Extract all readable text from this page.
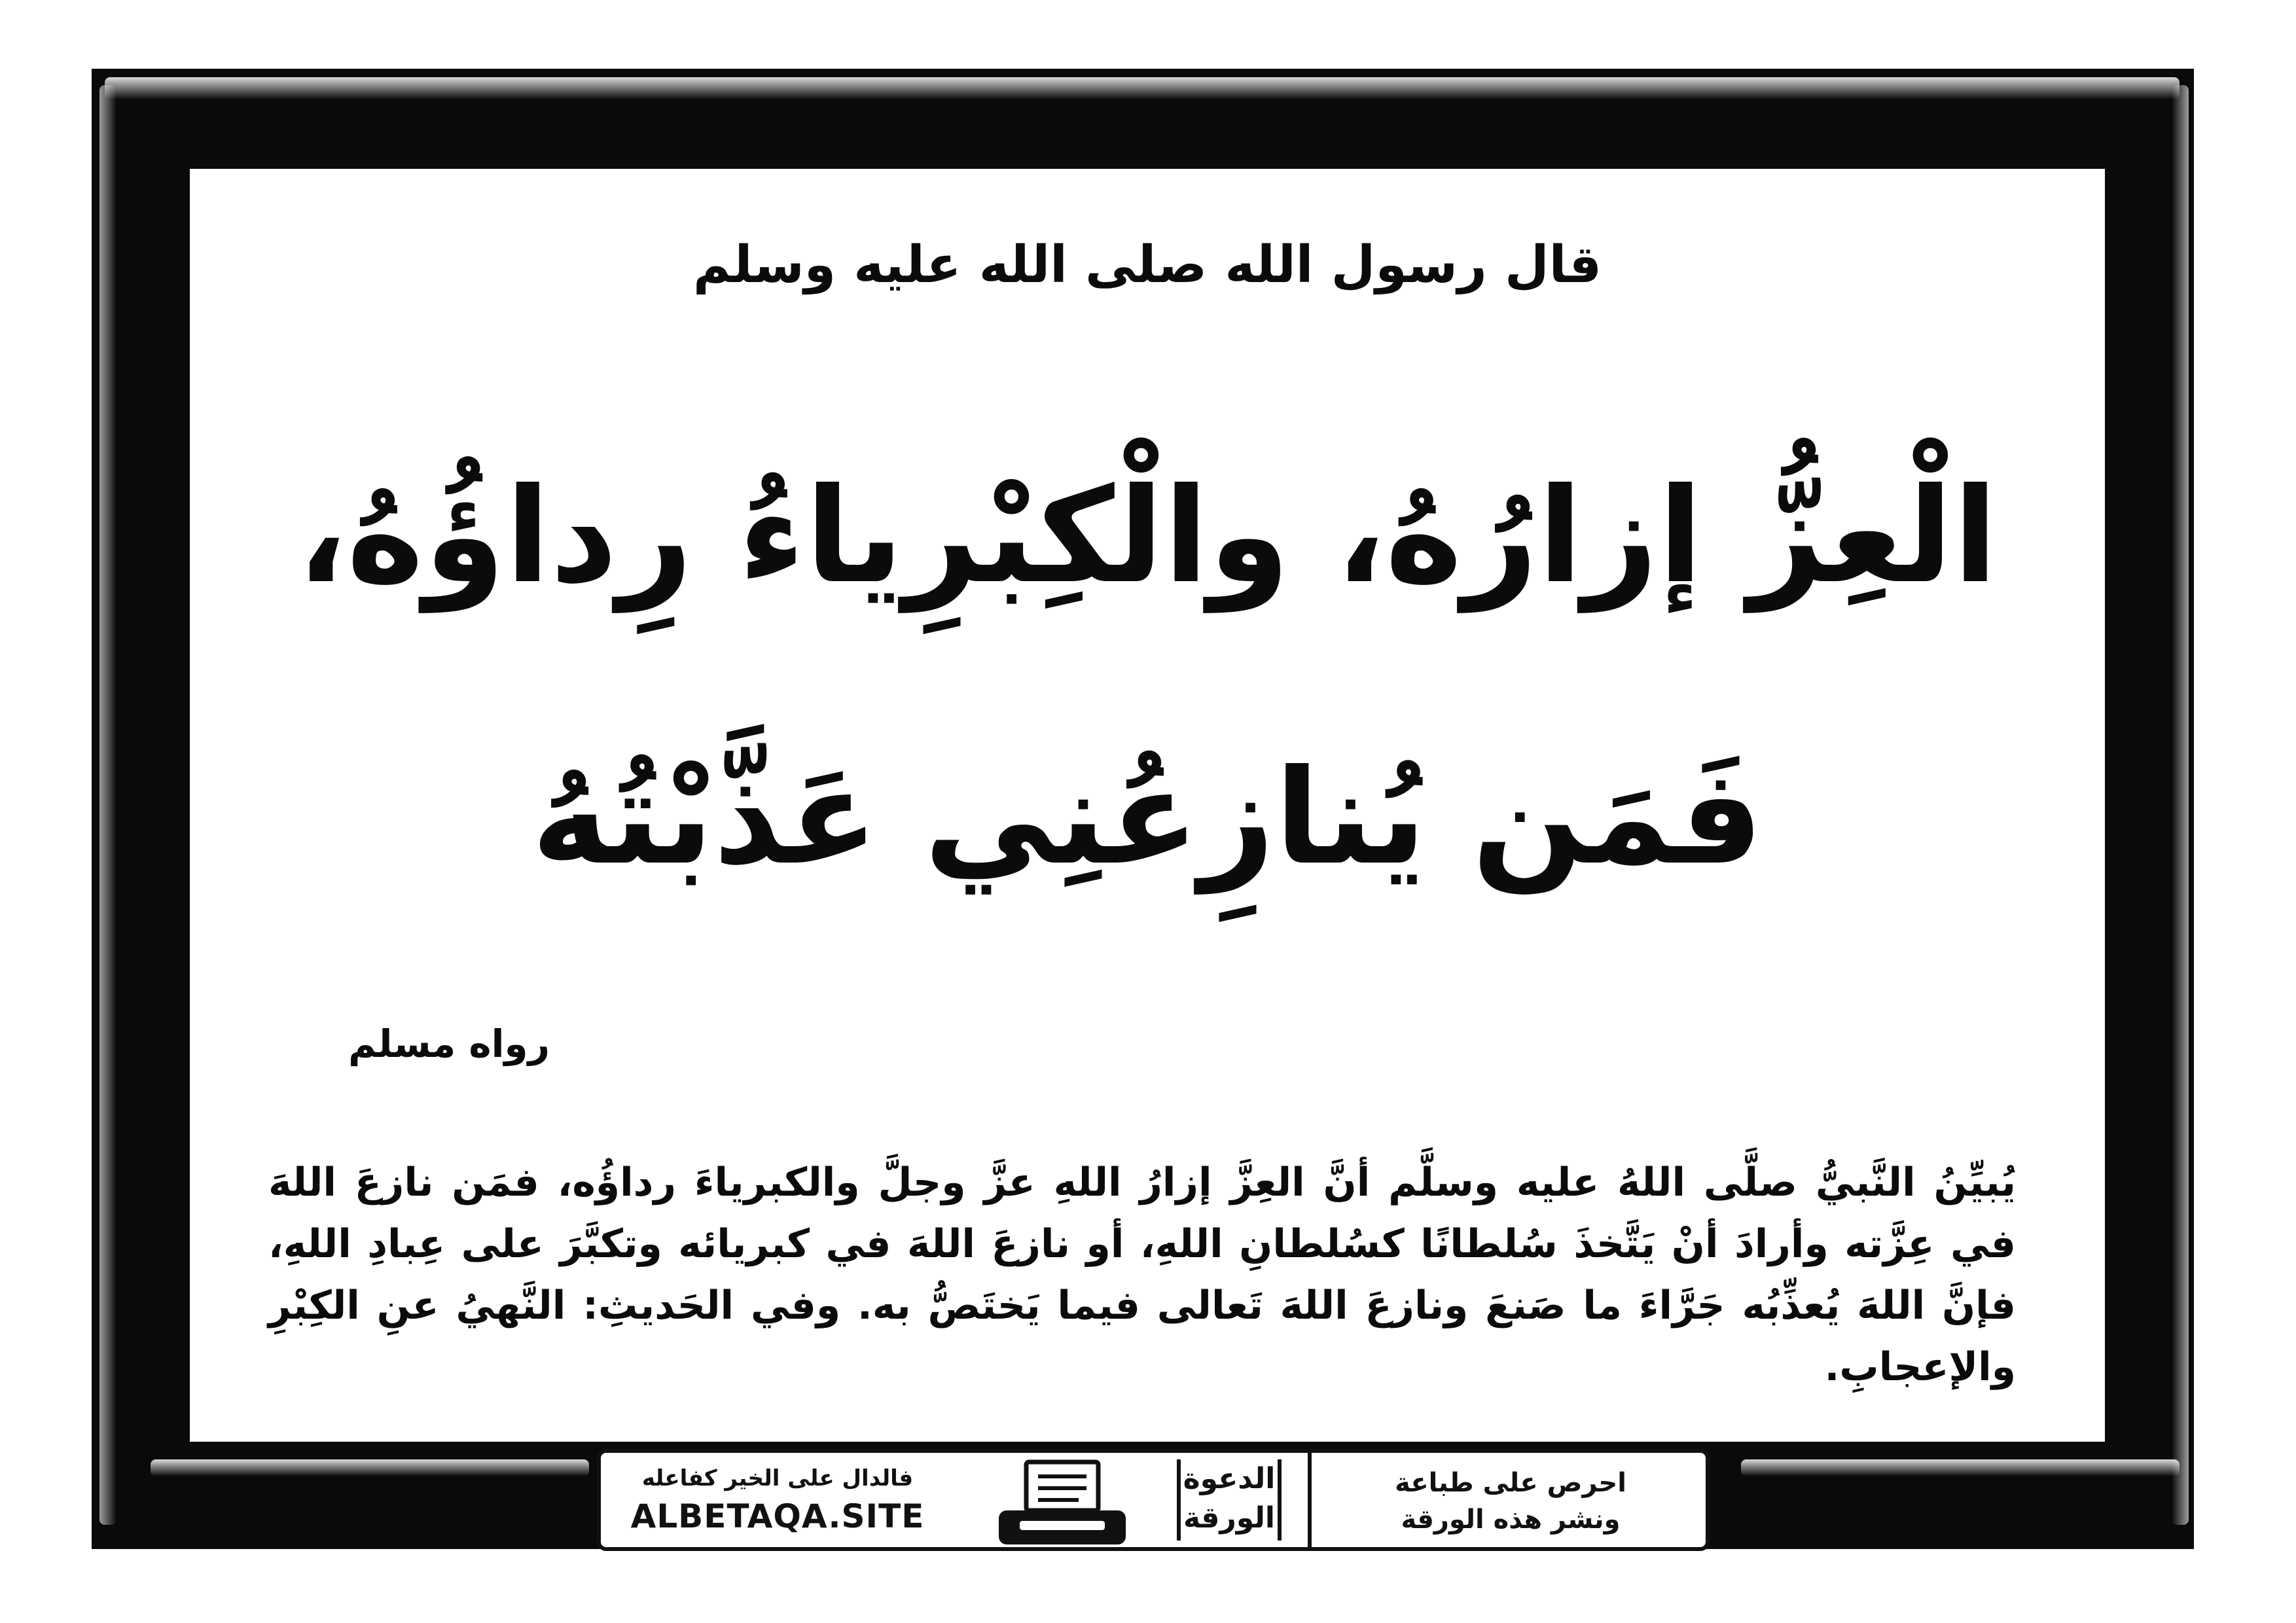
قال رسول الله صلى الله عليه وسلم
الْعِزُّ إزارُهُ، والْكِبْرِياءُ رِداؤُهُ،
فَمَن يُنازِعُنِي عَذَّبْتُهُ
رواه مسلم
يُبيِّنُ النَّبيُّ صلَّى اللهُ عليه وسلَّم أنَّ العِزَّ إزارُ اللهِ عزَّ وجلَّ والكبرياءَ رداؤُه، فمَن نازعَ اللهَ في عِزَّته وأرادَ أنْ يَتَّخذَ سُلطانًا كسُلطانِ اللهِ، أو نازعَ اللهَ في كبريائه وتكبَّرَ على عِبادِ اللهِ، فإنَّ اللهَ يُعذِّبُه جَرَّاءَ ما صَنعَ ونازعَ اللهَ تَعالى فيما يَختَصُّ به. وفي الحَديثِ: النَّهيُ عنِ الكِبْرِ والإعجابِ.
فالدال على الخير كفاعله
ALBETAQA.SITE
الدعوة
الورقة
احرص على طباعة
ونشر هذه الورقة
